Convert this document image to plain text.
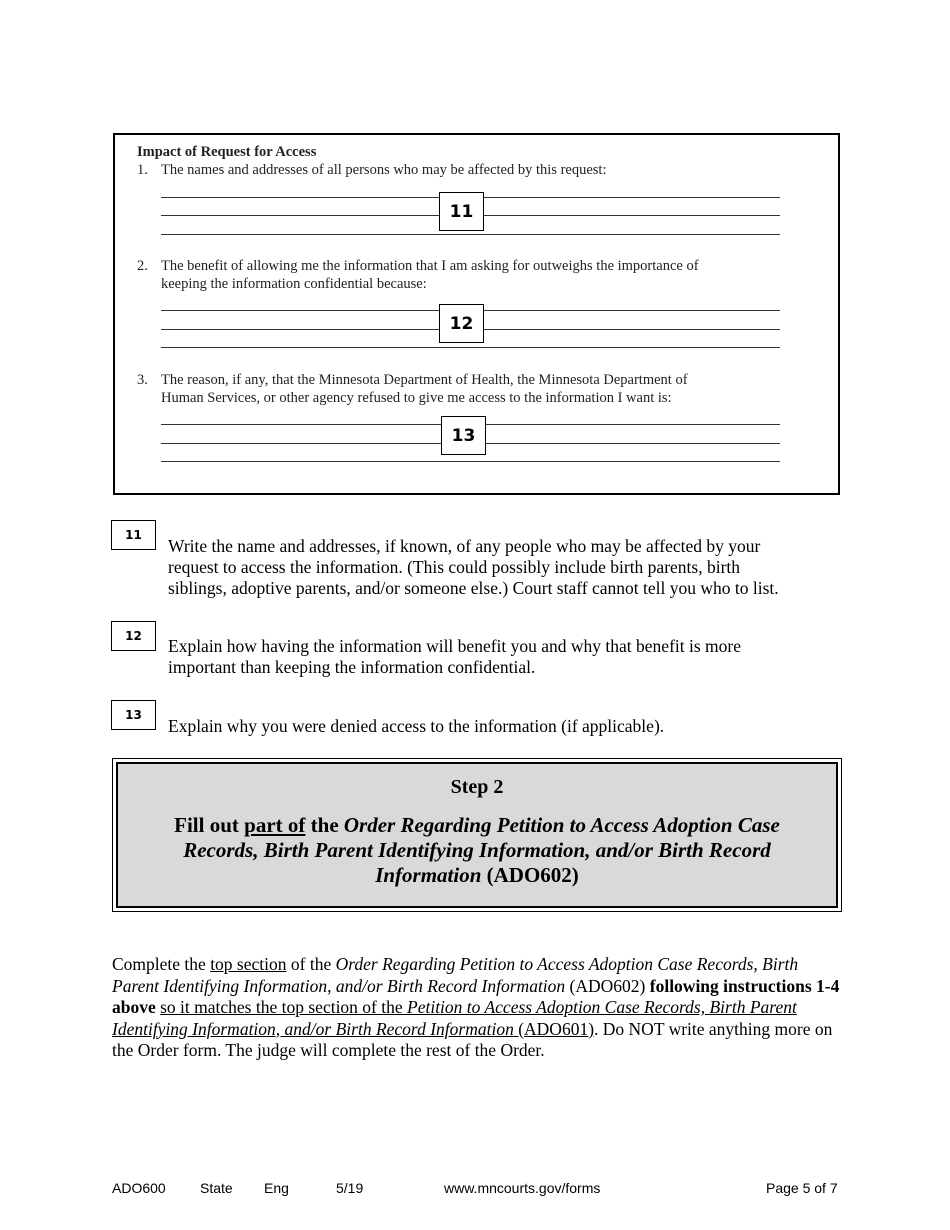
Impact of Request for Access
1. The names and addresses of all persons who may be affected by this request:
11
2. The benefit of allowing me the information that I am asking for outweighs the importance of
keeping the information confidential because:
12
3. The reason, if any, that the Minnesota Department of Health, the Minnesota Department of
Human Services, or other agency refused to give me access to the information I want is:
13
11
Write the name and addresses, if known, of any people who may be affected by your
request to access the information. (This could possibly include birth parents, birth
siblings, adoptive parents, and/or someone else.) Court staff cannot tell you who to list.
12	Explain how having the information will benefit you and why that benefit is more
important than keeping the information confidential.
13
Explain why you were denied access to the information (if applicable).
Step 2
Fill out part of the Order Regarding Petition to Access Adoption Case
Records, Birth Parent Identifying Information, and/or Birth Record
Information (ADO602)
Complete the top section of the Order Regarding Petition to Access Adoption Case Records, Birth Parent Identifying Information, and/or Birth Record Information (ADO602) following instructions 1-4 above so it matches the top section of the Petition to Access Adoption Case Records, Birth Parent Identifying Information, and/or Birth Record Information (ADO601). Do NOT write anything more on the Order form. The judge will complete the rest of the Order.
ADO600 State Eng	5/19	www.mncourts.gov/forms	Page 5 of 7
